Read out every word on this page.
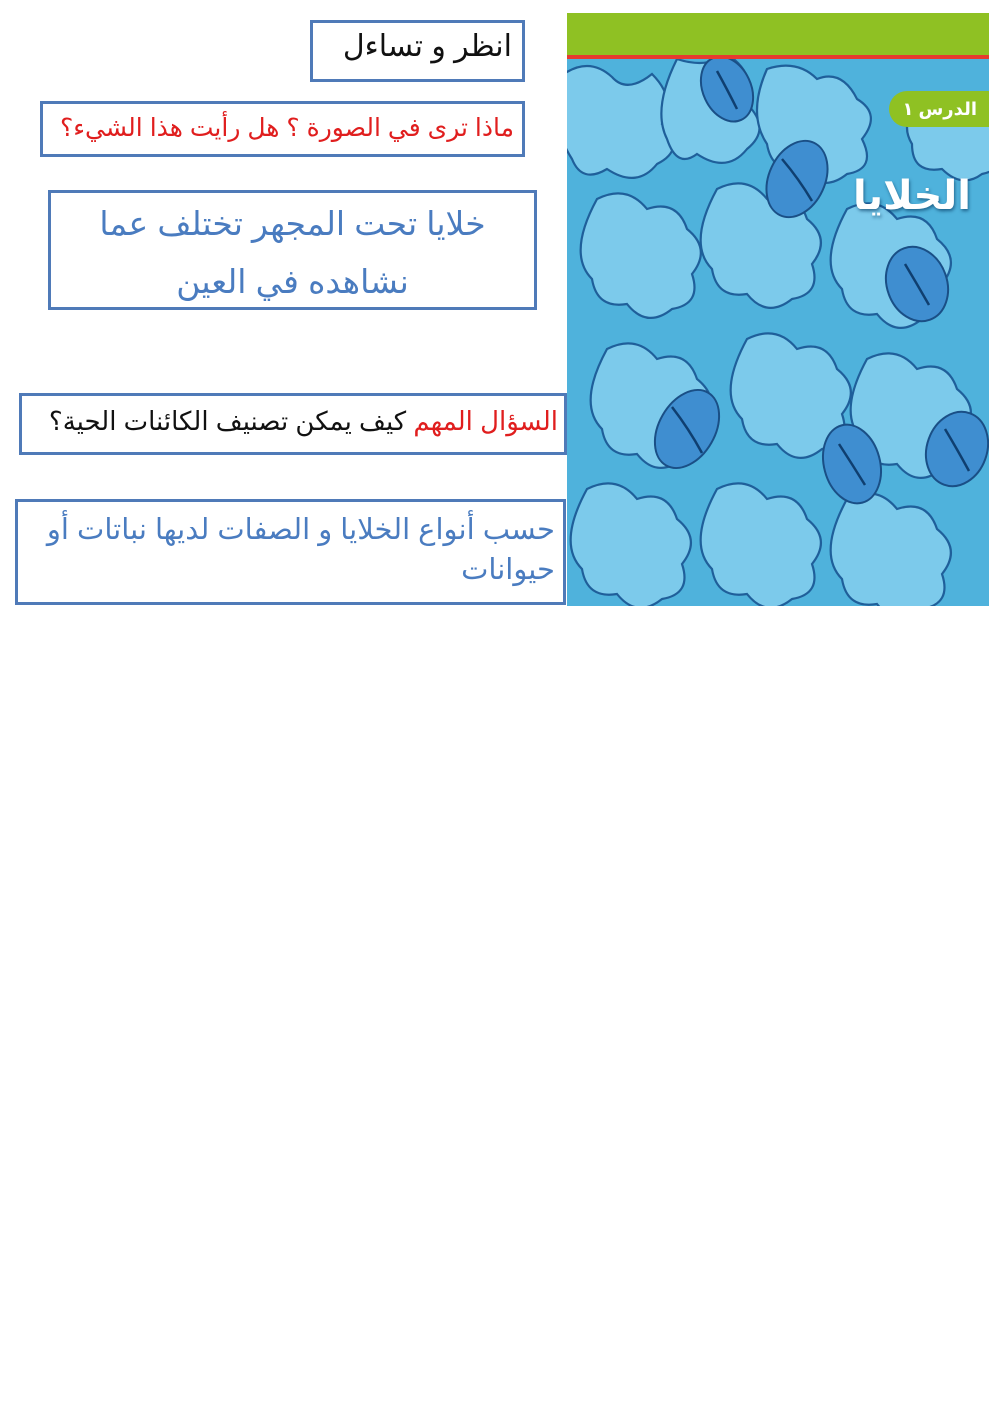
انظر و تساءل
ماذا ترى في الصورة ؟ هل رأيت هذا الشيء؟
خلايا تحت المجهر تختلف عما نشاهده في العين
السؤال المهم كيف يمكن تصنيف الكائنات الحية؟
حسب أنواع الخلايا و الصفات لديها نباتات أو حيوانات
الدرس ١
الخلايا
